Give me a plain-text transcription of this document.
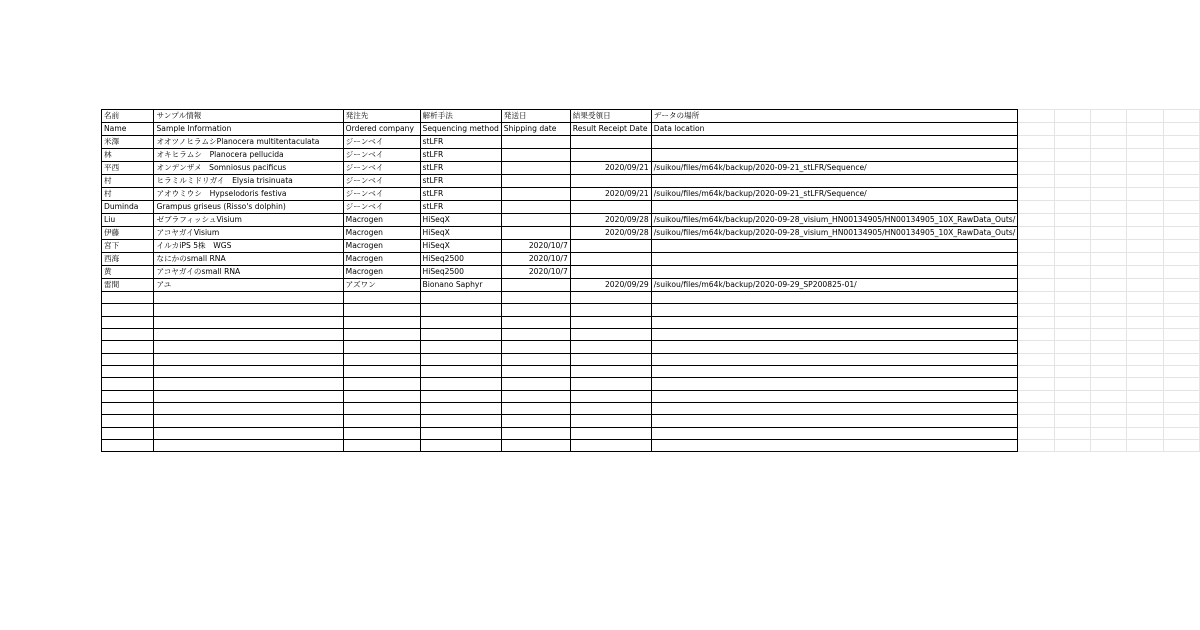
名前	サンプル情報	発注先	解析手法	発送日	結果受領日	データの場所					
Name	Sample Information	Ordered company	Sequencing method	Shipping date	Result Receipt Date	Data location					
米澤	オオツノヒラムシPlanocera multitentaculata	ジーンベイ	stLFR								
林	オキヒラムシ　Planocera pellucida	ジーンベイ	stLFR								
平西	オンデンザメ　Somniosus pacificus	ジーンベイ	stLFR		2020/09/21	/suikou/files/m64k/backup/2020-09-21_stLFR/Sequence/					
村	ヒラミルミドリガイ　Elysia trisinuata	ジーンベイ	stLFR								
村	アオウミウシ　Hypselodoris festiva	ジーンベイ	stLFR		2020/09/21	/suikou/files/m64k/backup/2020-09-21_stLFR/Sequence/					
Duminda	Grampus griseus (Risso's dolphin)	ジーンベイ	stLFR								
Liu	ゼブラフィッシュVisium	Macrogen	HiSeqX		2020/09/28	/suikou/files/m64k/backup/2020-09-28_visium_HN00134905/HN00134905_10X_RawData_Outs/					
伊藤	アコヤガイVisium	Macrogen	HiSeqX		2020/09/28	/suikou/files/m64k/backup/2020-09-28_visium_HN00134905/HN00134905_10X_RawData_Outs/					
宮下	イルカiPS 5株　WGS	Macrogen	HiSeqX	2020/10/7							
西海	なにかのsmall RNA	Macrogen	HiSeq2500	2020/10/7							
黄	アコヤガイのsmall RNA	Macrogen	HiSeq2500	2020/10/7							
雷間	アユ	アズワン	Bionano Saphyr		2020/09/29	/suikou/files/m64k/backup/2020-09-29_SP200825-01/					
